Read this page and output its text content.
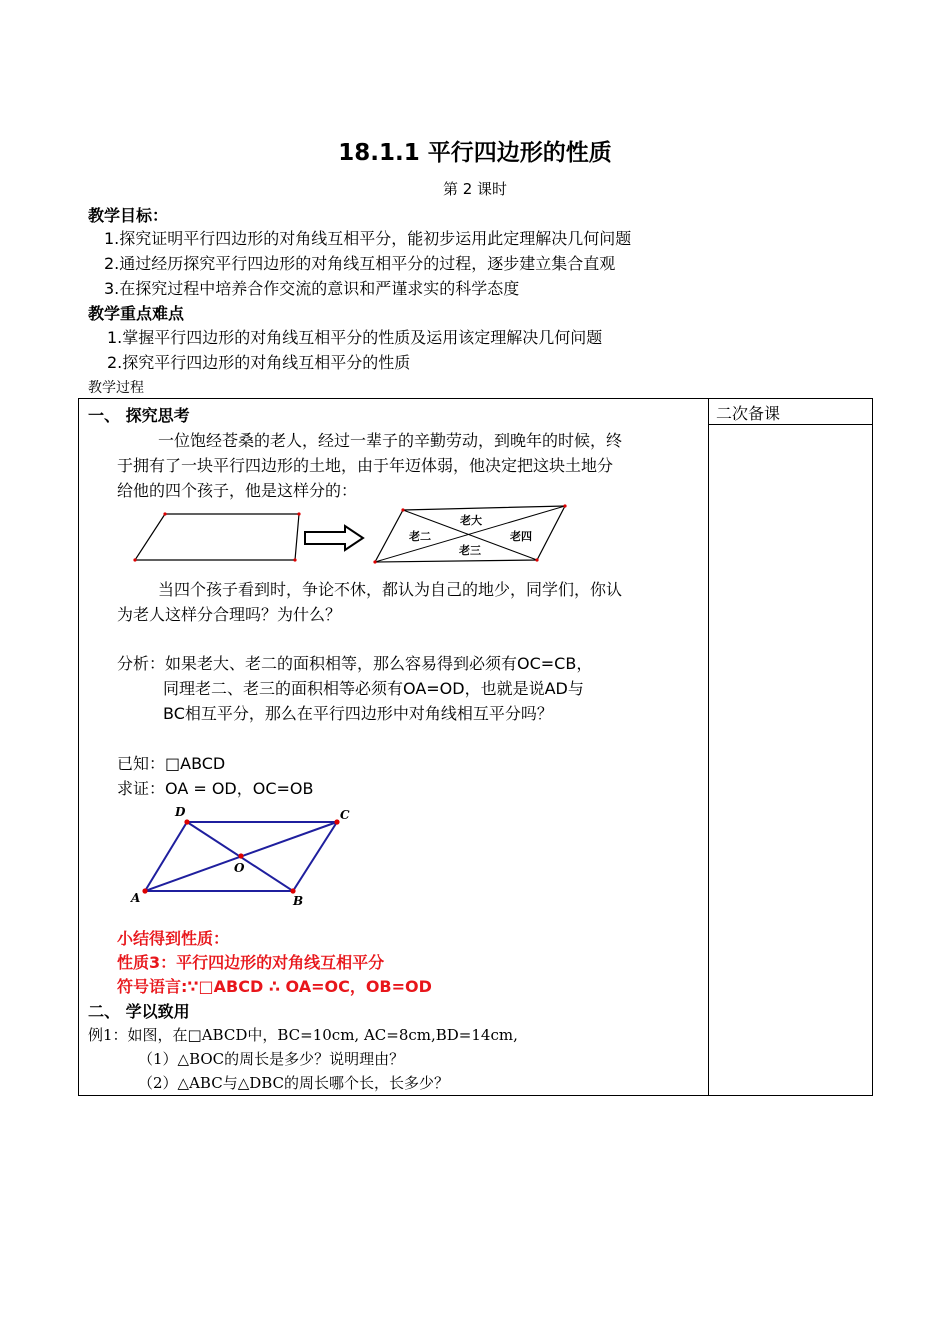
18.1.1 平行四边形的性质
第 2 课时
教学目标：
1.探究证明平行四边形的对角线互相平分，能初步运用此定理解决几何问题
2.通过经历探究平行四边形的对角线互相平分的过程，逐步建立集合直观
3.在探究过程中培养合作交流的意识和严谨求实的科学态度
教学重点难点
1.掌握平行四边形的对角线互相平分的性质及运用该定理解决几何问题
2.探究平行四边形的对角线互相平分的性质
教学过程
二次备课
一、 探究思考
一位饱经苍桑的老人，经过一辈子的辛勤劳动，到晚年的时候，终
于拥有了一块平行四边形的土地，由于年迈体弱，他决定把这块土地分
给他的四个孩子，他是这样分的：
老大
老二
老三
老四
当四个孩子看到时，争论不休，都认为自己的地少，同学们，你认
为老人这样分合理吗？为什么？
分析：如果老大、老二的面积相等，那么容易得到必须有OC=CB，
同理老二、老三的面积相等必须有OA=OD，也就是说AD与
BC相互平分，那么在平行四边形中对角线相互平分吗？
已知：□ABCD
求证：OA = OD，OC=OB
D	C
B
A
O
小结得到性质：
性质3：平行四边形的对角线互相平分
符号语言:∵□ABCD ∴ OA=OC，OB=OD
二、 学以致用
例1：如图，在□ABCD中，BC=10cm, AC=8cm,BD=14cm,
（1）△BOC的周长是多少？说明理由？
（2）△ABC与△DBC的周长哪个长，长多少？
